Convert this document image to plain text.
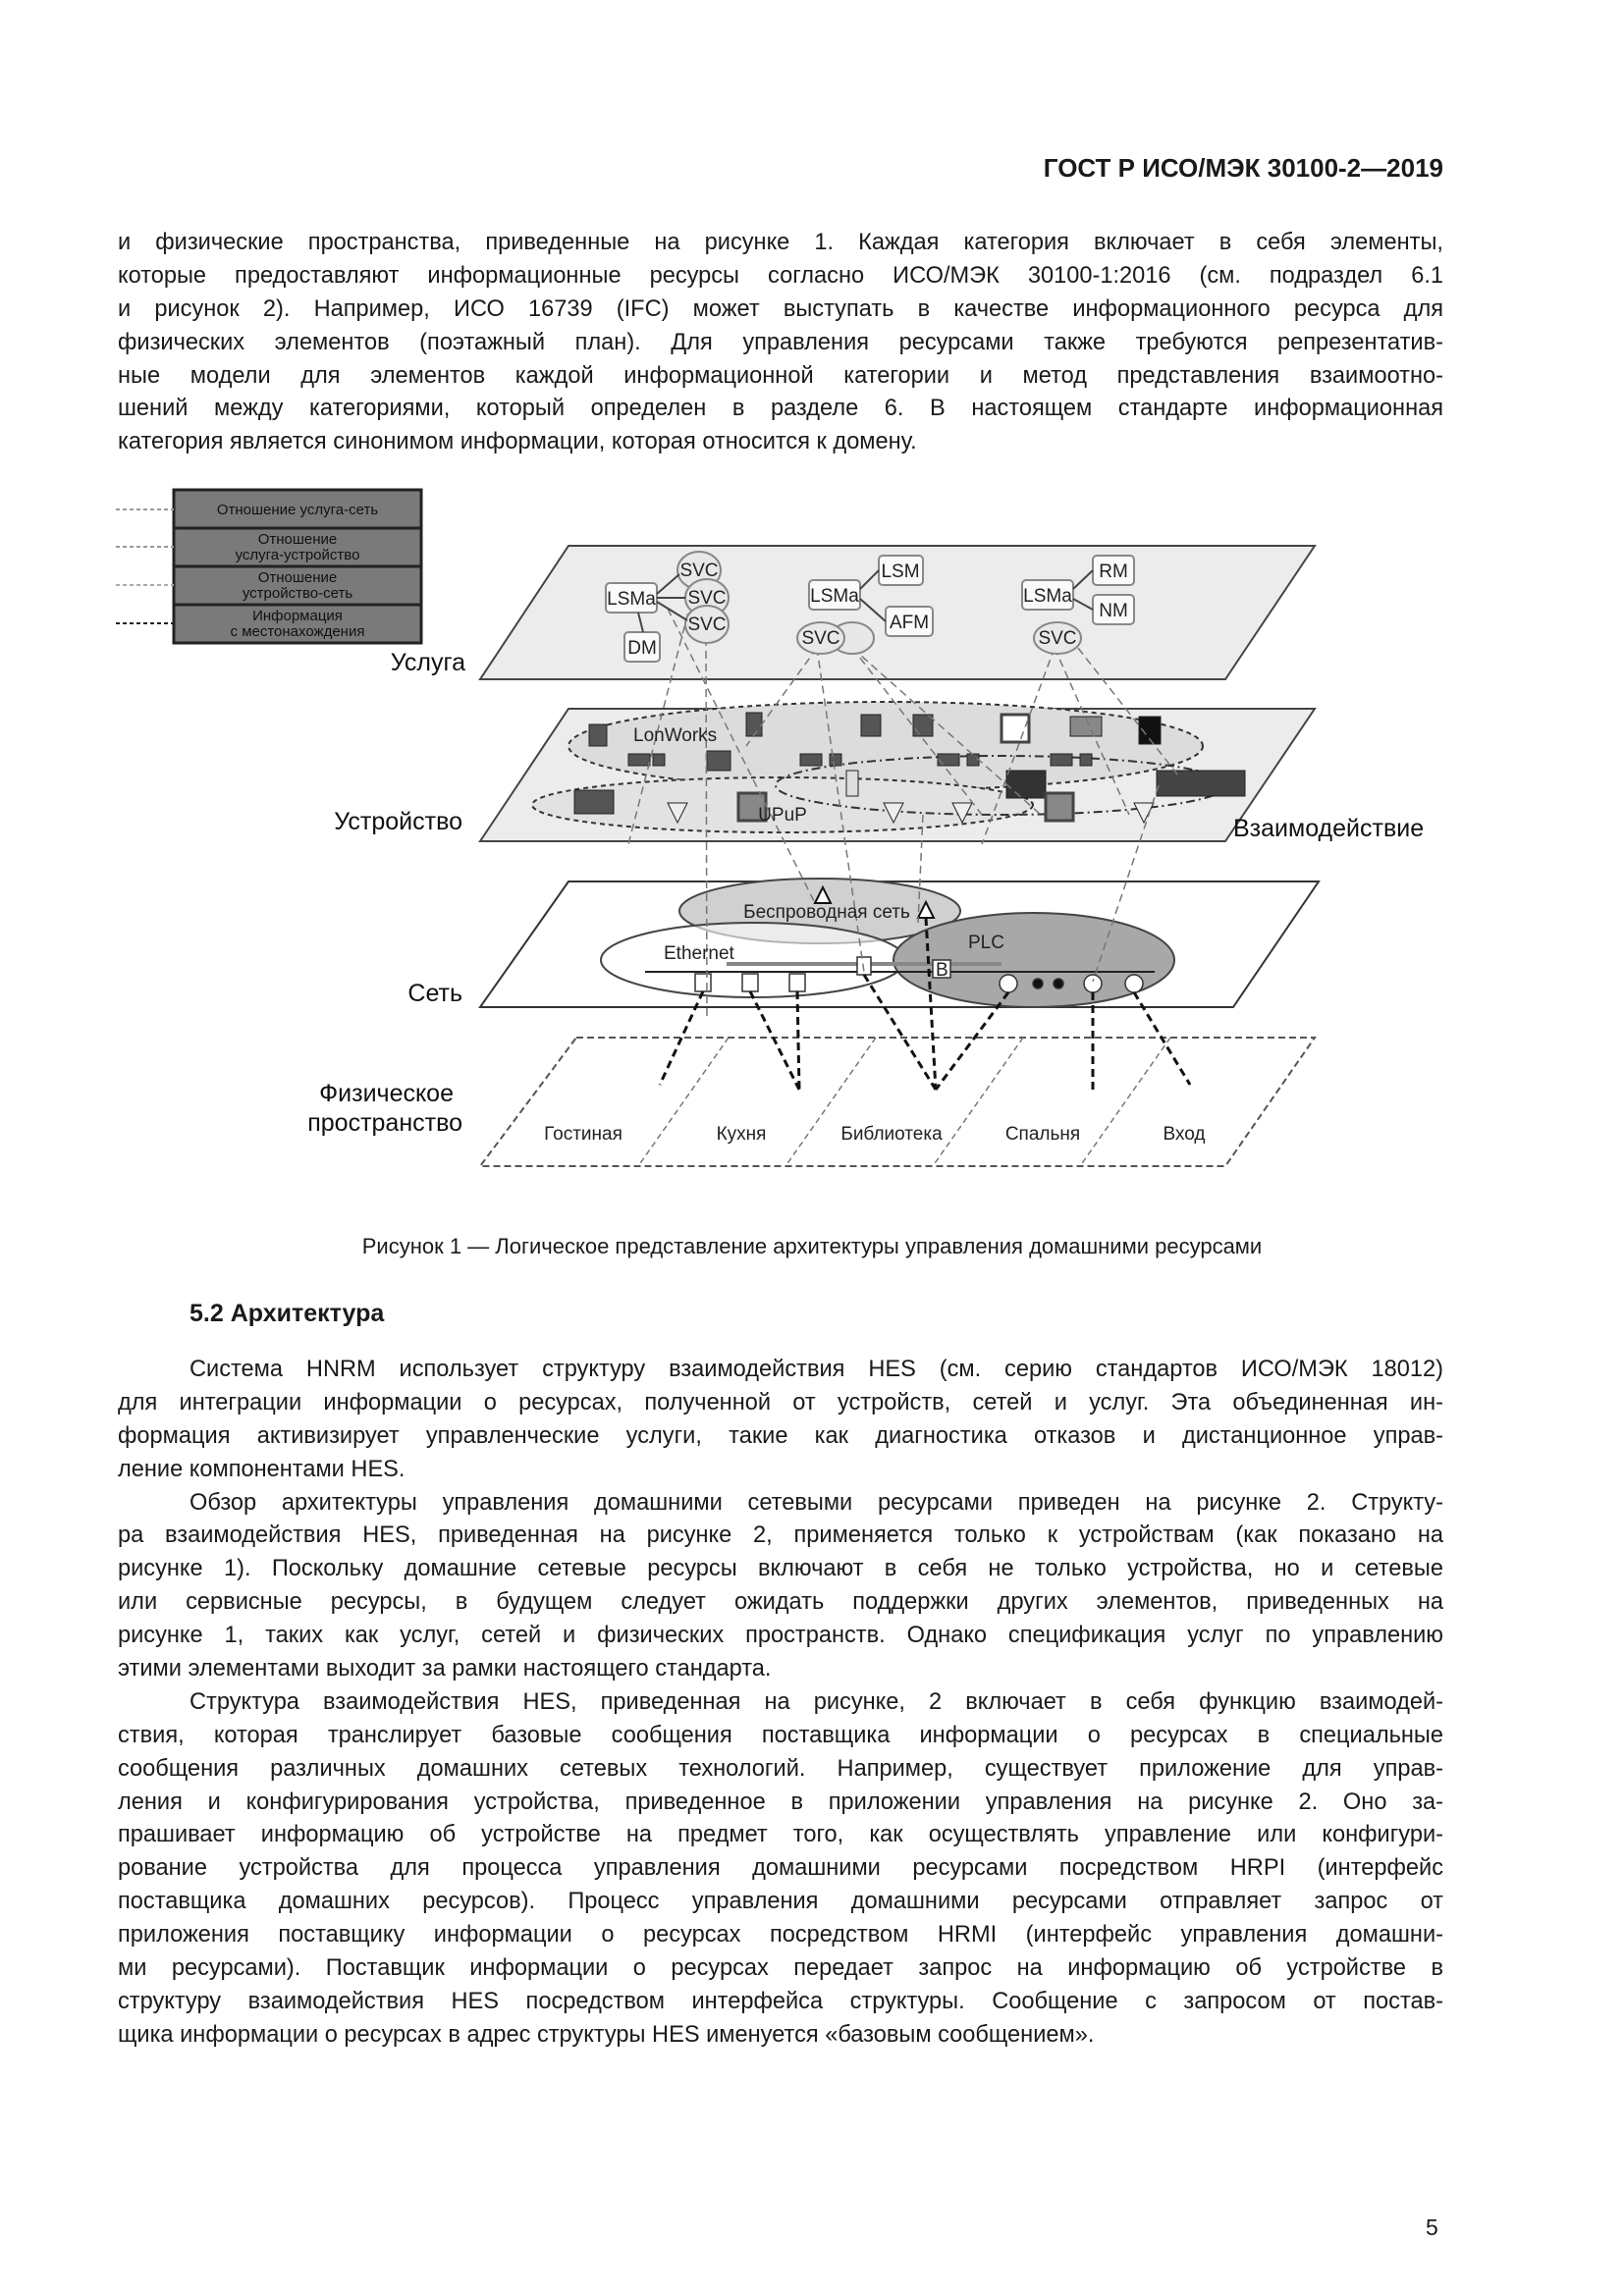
ГОСТ Р ИСО/МЭК 30100-2—2019
и физические пространства, приведенные на рисунке 1. Каждая категория включает в себя элементы,
которые предоставляют информационные ресурсы согласно ИСО/МЭК 30100-1:2016 (см. подраздел 6.1
и рисунок 2). Например, ИСО 16739 (IFC) может выступать в качестве информационного ресурса для
физических элементов (поэтажный план). Для управления ресурсами также требуются репрезентатив-
ные модели для элементов каждой информационной категории и метод представления взаимоотно-
шений между категориями, который определен в разделе 6. В настоящем стандарте информационная
категория является синонимом информации, которая относится к домену.
Отношение услуга-сеть
Отношение
услуга-устройство
Отношение
устройство-сеть
Информация
с местонахождения
LSMa
DM
LSMa
LSM
AFM
LSMa
RM
NM
SVC
SVC
SVC
SVC	SVC
Услуга
Устройство
Сеть
Физическое
пространство
Взаимодействие
LonWorks
UPuP
Беспроводная сеть
Ethernet
PLC
B
Гостиная	Кухня	Библиотека	Спальня	Вход
Рисунок 1 — Логическое представление архитектуры управления домашними ресурсами
5.2 Архитектура
Система HNRM использует структуру взаимодействия HES (см. серию стандартов ИСО/МЭК 18012)
для интеграции информации о ресурсах, полученной от устройств, сетей и услуг. Эта объединенная ин-
формация активизирует управленческие услуги, такие как диагностика отказов и дистанционное управ-
ление компонентами HES.
Обзор архитектуры управления домашними сетевыми ресурсами приведен на рисунке 2. Структу-
ра взаимодействия HES, приведенная на рисунке 2, применяется только к устройствам (как показано на
рисунке 1). Поскольку домашние сетевые ресурсы включают в себя не только устройства, но и сетевые
или сервисные ресурсы, в будущем следует ожидать поддержки других элементов, приведенных на
рисунке 1, таких как услуг, сетей и физических пространств. Однако спецификация услуг по управлению
этими элементами выходит за рамки настоящего стандарта.
Структура взаимодействия HES, приведенная на рисунке, 2 включает в себя функцию взаимодей-
ствия, которая транслирует базовые сообщения поставщика информации о ресурсах в специальные
сообщения различных домашних сетевых технологий. Например, существует приложение для управ-
ления и конфигурирования устройства, приведенное в приложении управления на рисунке 2. Оно за-
прашивает информацию об устройстве на предмет того, как осуществлять управление или конфигури-
рование устройства для процесса управления домашними ресурсами посредством HRPI (интерфейс
поставщика домашних ресурсов). Процесс управления домашними ресурсами отправляет запрос от
приложения поставщику информации о ресурсах посредством HRMI (интерфейс управления домашни-
ми ресурсами). Поставщик информации о ресурсах передает запрос на информацию об устройстве в
структуру взаимодействия HES посредством интерфейса структуры. Сообщение с запросом от постав-
щика информации о ресурсах в адрес структуры HES именуется «базовым сообщением».
5
